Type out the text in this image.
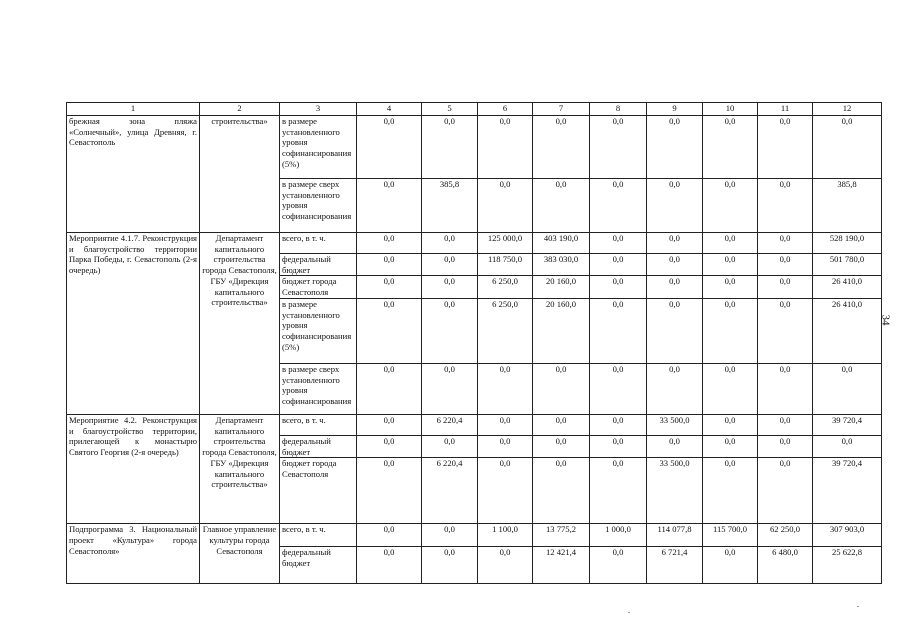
1	2	3	4	5	6	7	8	9	10	11	12
брежная зона пляжа «Солнечный», улица Древняя, г. Севастополь	строительства»	в размере установленного уровня софинансирования (5%)	0,0	0,0	0,0	0,0	0,0	0,0	0,0	0,0	0,0
		в размере сверх установленного уровня софинансирования	0,0	385,8	0,0	0,0	0,0	0,0	0,0	0,0	385,8
Мероприятие 4.1.7. Реконструкция и благоустройство территории Парка Победы, г. Севастополь (2-я очередь)	Департамент капитального строительства города Севастополя, ГБУ «Дирекция капитального строительства»	всего, в т. ч.	0,0	0,0	125 000,0	403 190,0	0,0	0,0	0,0	0,0	528 190,0
		федеральный бюджет	0,0	0,0	118 750,0	383 030,0	0,0	0,0	0,0	0,0	501 780,0
		бюджет города Севастополя	0,0	0,0	6 250,0	20 160,0	0,0	0,0	0,0	0,0	26 410,0
		в размере установленного уровня софинансирования (5%)	0,0	0,0	6 250,0	20 160,0	0,0	0,0	0,0	0,0	26 410,0
		в размере сверх установленного уровня софинансирования	0,0	0,0	0,0	0,0	0,0	0,0	0,0	0,0	0,0
Мероприятие 4.2. Реконструкция и благоустройство территории, прилегающей к монастырю Святого Георгия (2-я очередь)	Департамент капитального строительства города Севастополя, ГБУ «Дирекция капитального строительства»	всего, в т. ч.	0,0	6 220,4	0,0	0,0	0,0	33 500,0	0,0	0,0	39 720,4
		федеральный бюджет	0,0	0,0	0,0	0,0	0,0	0,0	0,0	0,0	0,0
		бюджет города Севастополя	0,0	6 220,4	0,0	0,0	0,0	33 500,0	0,0	0,0	39 720,4
Подпрограмма 3. Национальный проект «Культура» города Севастополя»	Главное управление культуры города Севастополя	всего, в т. ч.	0,0	0,0	1 100,0	13 775,2	1 000,0	114 077,8	115 700,0	62 250,0	307 903,0
		федеральный бюджет	0,0	0,0	0,0	12 421,4	0,0	6 721,4	0,0	6 480,0	25 622,8
34
